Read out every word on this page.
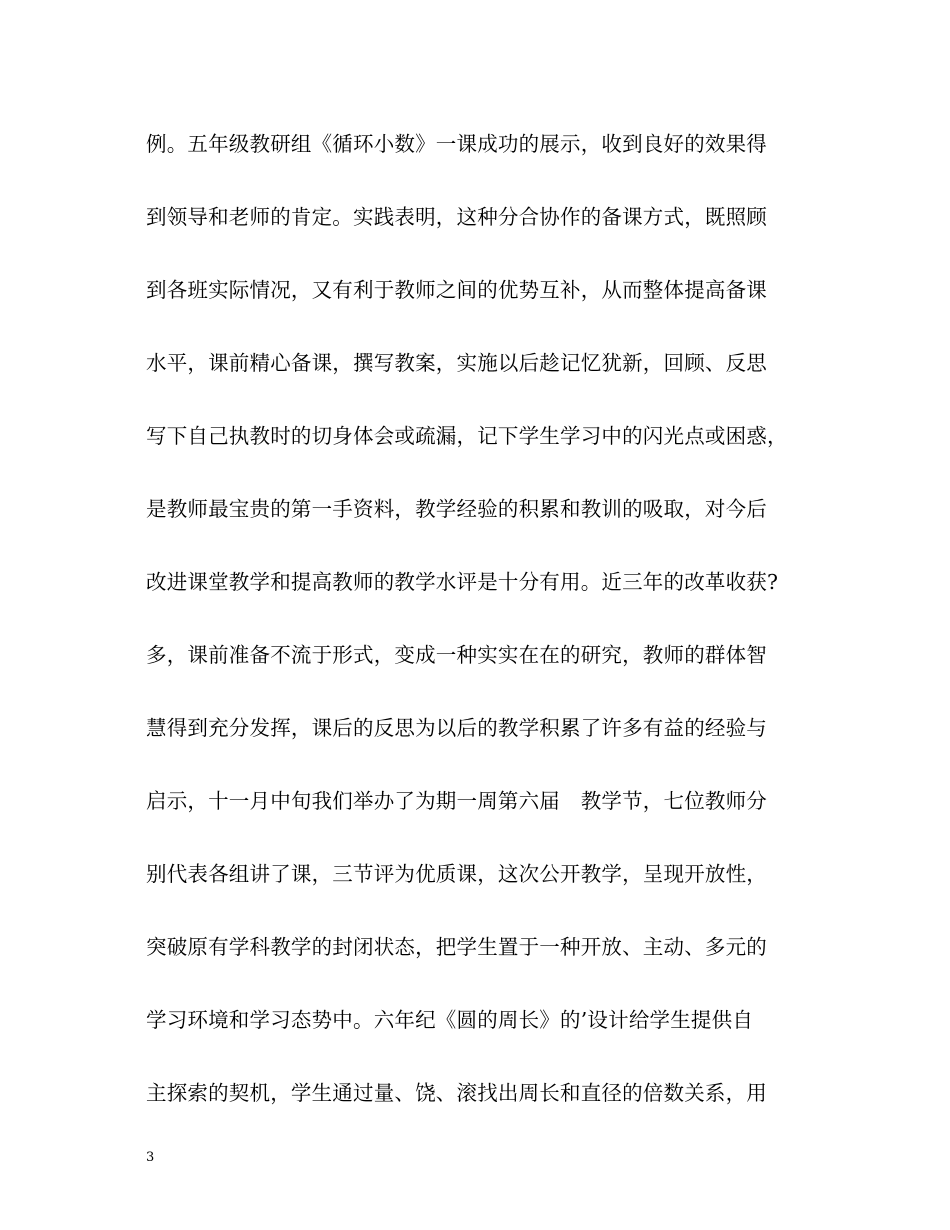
例。五年级教研组《循环小数》一课成功的展示，收到良好的效果得
到领导和老师的肯定。实践表明，这种分合协作的备课方式，既照顾
到各班实际情况，又有利于教师之间的优势互补，从而整体提高备课
水平，课前精心备课，撰写教案，实施以后趁记忆犹新，回顾、反思
写下自己执教时的切身体会或疏漏，记下学生学习中的闪光点或困惑，
是教师最宝贵的第一手资料，教学经验的积累和教训的吸取，对今后
改进课堂教学和提高教师的教学水评是十分有用。近三年的改革收获?
多，课前准备不流于形式，变成一种实实在在的研究，教师的群体智
慧得到充分发挥，课后的反思为以后的教学积累了许多有益的经验与
启示，十一月中旬我们举办了为期一周第六届　教学节，七位教师分
别代表各组讲了课，三节评为优质课，这次公开教学，呈现开放性，
突破原有学科教学的封闭状态，把学生置于一种开放、主动、多元的
学习环境和学习态势中。六年纪《圆的周长》的’设计给学生提供自
主探索的契机，学生通过量、饶、滚找出周长和直径的倍数关系，用
3
